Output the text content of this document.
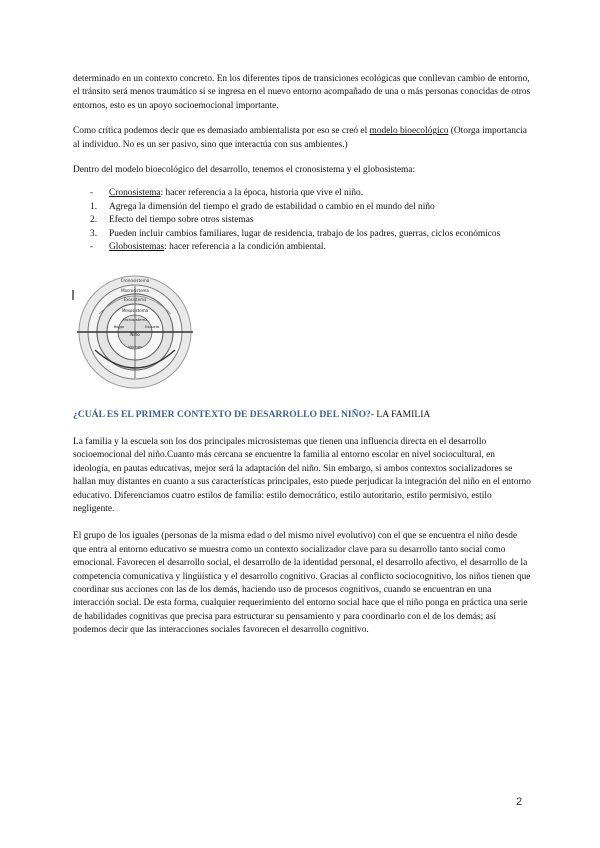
determinado en un contexto concreto. En los diferentes tipos de transiciones ecológicas que conllevan cambio de entorno, el tránsito será menos traumático si se ingresa en el nuevo entorno acompañado de una o más personas conocidas de otros entornos, esto es un apoyo socioemocional importante.

Como crítica podemos decir que es demasiado ambientalista por eso se creó el modelo bioecológico (Otorga importancia al individuo. No es un ser pasivo, sino que interactúa con sus ambientes.)

Dentro del modelo bioecológico del desarrollo, tenemos el cronosistema y el globosistema:

- Cronosistema: hacer referencia a la época, historia que vive el niño.
1. Agrega la dimensión del tiempo el grado de estabilidad o cambio en el mundo del niño
2. Efecto del tiempo sobre otros sistemas
3. Pueden incluir cambios familiares, lugar de residencia, trabajo de los padres, guerras, ciclos económicos
- Globosistemas: hacer referencia a la condición ambiental.
Cronosistema
Macrosistema
Exosistema
Mesosistema
Microsistema
Niño
Hogar	Escuela
Vecinos

¿CUÁL ES EL PRIMER CONTEXTO DE DESARROLLO DEL NIÑO?- LA FAMILIA

La familia y la escuela son los dos principales microsistemas que tienen una influencia directa en el desarrollo socioemocional del niño.Cuanto más cercana se encuentre la familia al entorno escolar en nivel sociocultural, en ideología, en pautas educativas, mejor será la adaptación del niño. Sin embargo, si ambos contextos socializadores se hallan muy distantes en cuanto a sus características principales, esto puede perjudicar la integración del niño en el entorno educativo. Diferenciamos cuatro estilos de familia: estilo democrático, estilo autoritario, estilo permisivo, estilo negligente.

El grupo de los iguales (personas de la misma edad o del mismo nivel evolutivo) con el que se encuentra el niño desde que entra al entorno educativo se muestra como un contexto socializador clave para su desarrollo tanto social como emocional. Favorecen el desarrollo social, el desarrollo de la identidad personal, el desarrollo afectivo, el desarrollo de la competencia comunicativa y lingüística y el desarrollo cognitivo. Gracias al conflicto sociocognitivo, los niños tienen que coordinar sus acciones con las de los demás, haciendo uso de procesos cognitivos, cuando se encuentran en una interacción social. De esta forma, cualquier requerimiento del entorno social hace que el niño ponga en práctica una serie de habilidades cognitivas que precisa para estructurar su pensamiento y para coordinarlo con el de los demás; así podemos decir que las interacciones sociales favorecen el desarrollo cognitivo.

2
